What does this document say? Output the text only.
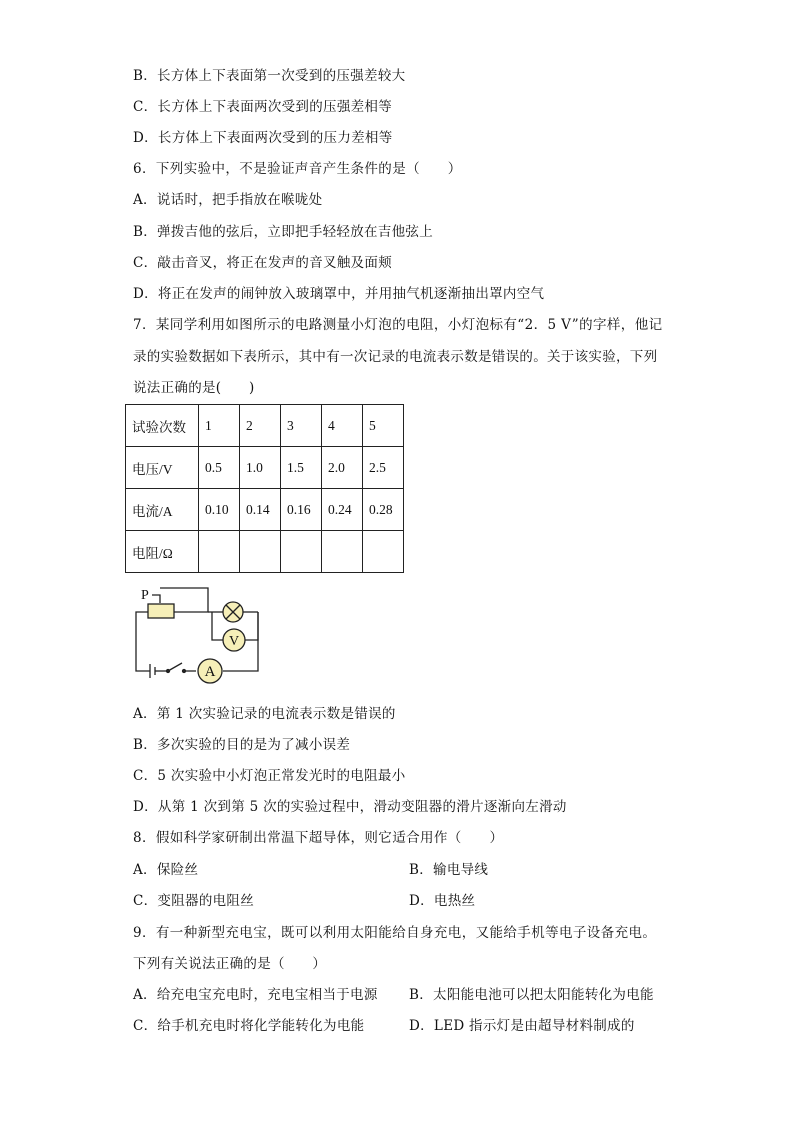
B．长方体上下表面第一次受到的压强差较大
C．长方体上下表面两次受到的压强差相等
D．长方体上下表面两次受到的压力差相等
6．下列实验中，不是验证声音产生条件的是（　　）
A．说话时，把手指放在喉咙处
B．弹拨吉他的弦后，立即把手轻轻放在吉他弦上
C．敲击音叉，将正在发声的音叉触及面颊
D．将正在发声的闹钟放入玻璃罩中，并用抽气机逐渐抽出罩内空气
7．某同学利用如图所示的电路测量小灯泡的电阻，小灯泡标有“2．5 V”的字样，他记
录的实验数据如下表所示，其中有一次记录的电流表示数是错误的。关于该实验，下列
说法正确的是(　　)
试验次数	1	2	3	4	5
电压/V	0.5	1.0	1.5	2.0	2.5
电流/A	0.10	0.14	0.16	0.24	0.28
电阻/Ω					
V
A
P
A．第 1 次实验记录的电流表示数是错误的
B．多次实验的目的是为了减小误差
C．5 次实验中小灯泡正常发光时的电阻最小
D．从第 1 次到第 5 次的实验过程中，滑动变阻器的滑片逐渐向左滑动
8．假如科学家研制出常温下超导体，则它适合用作（　　）
A．保险丝	B．输电导线
C．变阻器的电阻丝	D．电热丝
9．有一种新型充电宝，既可以利用太阳能给自身充电，又能给手机等电子设备充电。
下列有关说法正确的是（　　）
A．给充电宝充电时，充电宝相当于电源 B．太阳能电池可以把太阳能转化为电能
C．给手机充电时将化学能转化为电能	D．LED 指示灯是由超导材料制成的
